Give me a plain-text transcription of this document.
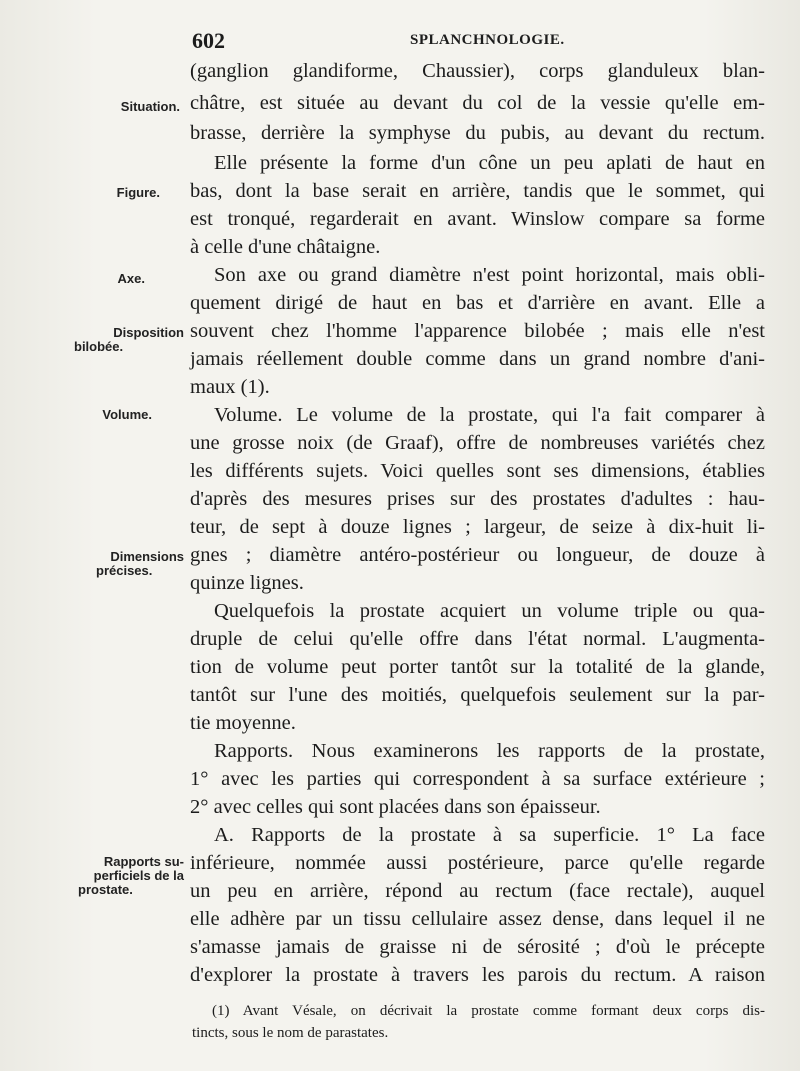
602	SPLANCHNOLOGIE.
Situation.
Figure.
Axe.
Disposition
bilobée.
Volume.
Dimensions
précises.
Rapports su-
perficiels de la
prostate.
(ganglion glandiforme, Chaussier), corps glanduleux blan-
châtre, est située au devant du col de la vessie qu'elle em-
brasse, derrière la symphyse du pubis, au devant du rectum.
Elle présente la forme d'un cône un peu aplati de haut en
bas, dont la base serait en arrière, tandis que le sommet, qui
est tronqué, regarderait en avant. Winslow compare sa forme
à celle d'une châtaigne.
Son axe ou grand diamètre n'est point horizontal, mais obli-
quement dirigé de haut en bas et d'arrière en avant. Elle a
souvent chez l'homme l'apparence bilobée ; mais elle n'est
jamais réellement double comme dans un grand nombre d'ani-
maux (1).
Volume. Le volume de la prostate, qui l'a fait comparer à
une grosse noix (de Graaf), offre de nombreuses variétés chez
les différents sujets. Voici quelles sont ses dimensions, établies
d'après des mesures prises sur des prostates d'adultes : hau-
teur, de sept à douze lignes ; largeur, de seize à dix-huit li-
gnes ; diamètre antéro-postérieur ou longueur, de douze à
quinze lignes.
Quelquefois la prostate acquiert un volume triple ou qua-
druple de celui qu'elle offre dans l'état normal. L'augmenta-
tion de volume peut porter tantôt sur la totalité de la glande,
tantôt sur l'une des moitiés, quelquefois seulement sur la par-
tie moyenne.
Rapports. Nous examinerons les rapports de la prostate,
1° avec les parties qui correspondent à sa surface extérieure ;
2° avec celles qui sont placées dans son épaisseur.
A. Rapports de la prostate à sa superficie. 1° La face
inférieure, nommée aussi postérieure, parce qu'elle regarde
un peu en arrière, répond au rectum (face rectale), auquel
elle adhère par un tissu cellulaire assez dense, dans lequel il ne
s'amasse jamais de graisse ni de sérosité ; d'où le précepte
d'explorer la prostate à travers les parois du rectum. A raison
(1) Avant Vésale, on décrivait la prostate comme formant deux corps dis-
tincts, sous le nom de parastates.
